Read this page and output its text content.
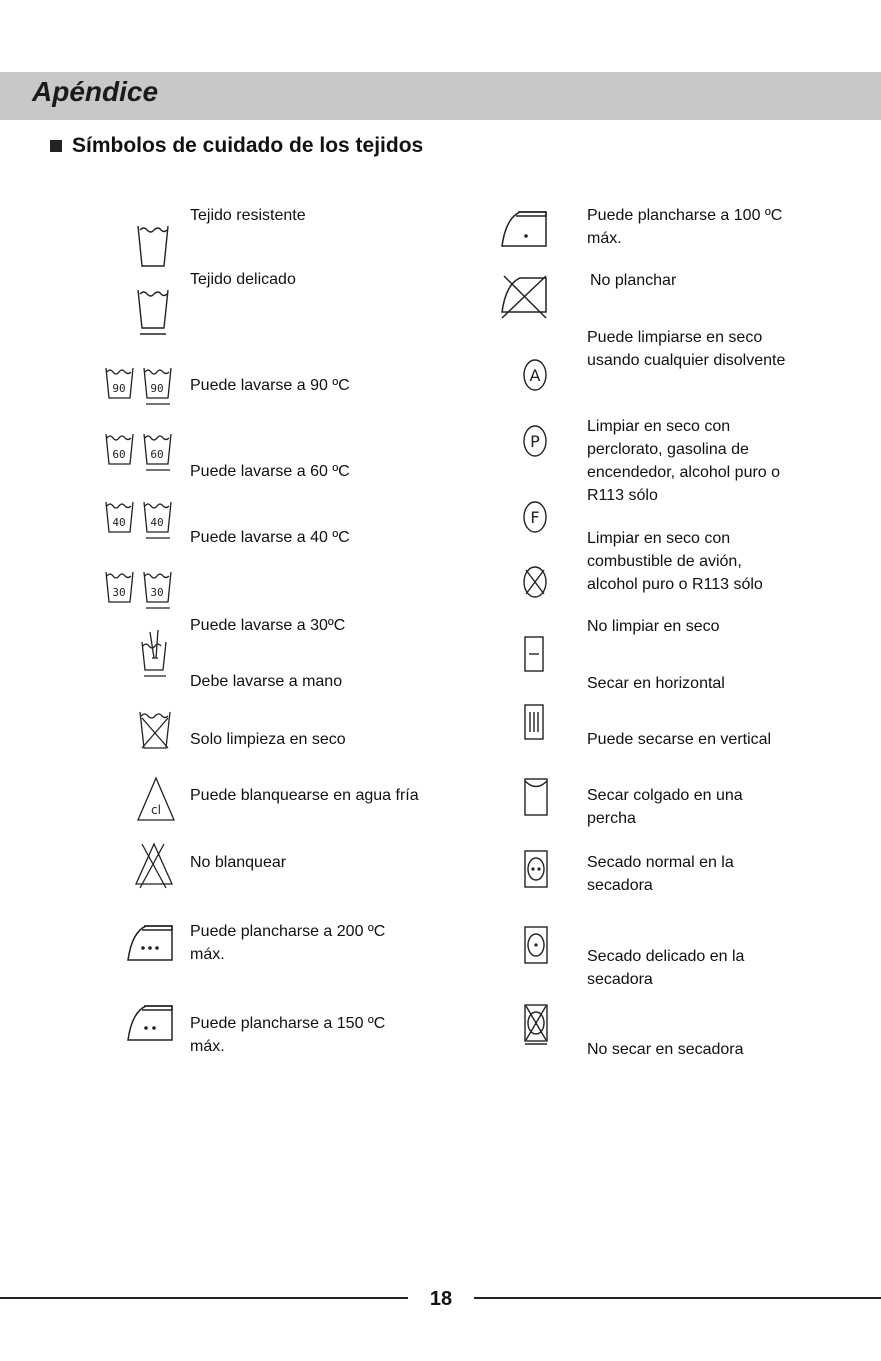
Apéndice
Símbolos de cuidado de los tejidos
Tejido resistente
Tejido delicado
90 90 Puede lavarse a 90 ºC
60 60
Puede lavarse a 60 ºC
40 40
Puede lavarse a 40 ºC
30 30
Puede lavarse a 30ºC
Debe lavarse a mano
Solo limpieza en seco
cl
Puede blanquearse en agua fría
No blanquear
Puede plancharse a 200 ºC
máx.
Puede plancharse a 150 ºC
máx.
Puede plancharse a 100 ºC
máx.
No planchar
A
Puede limpiarse en seco
usando cualquier disolvente
P
Limpiar en seco con
perclorato, gasolina de
encendedor, alcohol puro o
R113 sólo
F
Limpiar en seco con
combustible de avión,
alcohol puro o R113 sólo
No limpiar en seco
Secar en horizontal
Puede secarse en vertical
Secar colgado en una
percha
Secado normal en la
secadora
Secado delicado en la
secadora
No secar en secadora
18
